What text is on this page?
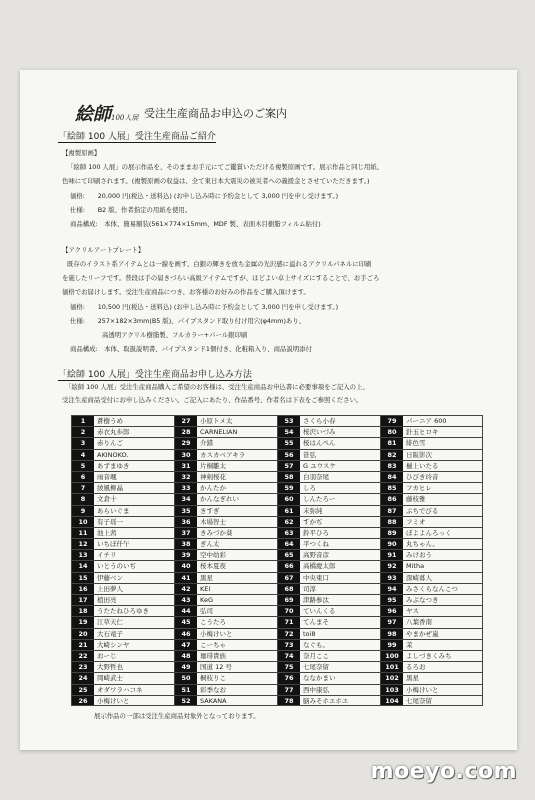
絵師100人展 受注生産商品お申込のご案内
「絵師 100 人展」受注生産商品ご紹介
【複製原画】
「絵師 100 人展」の展示作品を、そのままお手元にてご鑑賞いただける複製原画です。展示作品と同じ用紙、
色味にて印刷されます。(複製原画の収益は、全て東日本大震災の被災者への義援金とさせていただきます。)
価格:　　20,000 円(税込・送料込) (お申し込み時に予約金として 3,000 円を申し受けます。)
仕様:　　B2 版、作者指定の用紙を使用。
商品構成:　本体、簡易額装(561×774×15mm、MDF 製、表面木目樹脂フィルム貼付)
【アクリルアートプレート】
既存のイラスト系アイテムとは一線を画す、白銀の輝きを放ち金属の光沢感に溢れるアクリルパネルに印刷
を施したリーフです。普段は手の届きづらい高級アイテムですが、ほどよい卓上サイズにすることで、お手ごろ
価格でお届けします。受注生産商品につき、お客様のお好みの作品をご購入頂けます。
価格:　　10,500 円(税込・送料込) (お申し込み時に予約金として 3,000 円を申し受けます。)
仕様:　　257×182×3mm(B5 版)、パイプスタンド取り付け用穴(φ4mm)あり、
　　　　　高透明アクリル樹脂製、フルカラー+パール銀印刷
商品構成:　本体、取扱説明書、パイプスタンド1個付き、化粧箱入り、商品説明添付
「絵師 100 人展」受注生産商品お申し込み方法
「絵師 100 人展」受注生産商品購入ご希望のお客様は、受注生産商品お申込書に必要事項をご記入の上、
受注生産商品受付にお申し込みください。ご記入にあたり、作品番号、作者名は下表をご参照ください。
1	蒼樹うめ	27	小原トメ太	53	さくら小春	79	パーニア 600
2	赤衣丸歩郎	28	CARNELIAN	54	桜沢いづみ	80	針玉ヒロキ
3	赤りんご	29	介錯	55	桜はんぺん	81	緋色雪
4	AKINOKO.	30	カスカベアキラ	56	笹弘	82	日阪影次
5	あずまゆき	31	片桐雛太	57	G ユウスケ	83	樋上いたる
6	雨音颯	32	神剣桜花	58	白羽奈尾	84	ひびき玲音
7	綾風柳晶	33	かんたか	59	しろ	85	フカヒレ
8	文倉十	34	かんなぎれい	60	しんたろー	86	藤枝雅
9	あらいぐま	35	きすぎ	61	末弥純	87	ぶちでびる
10	有子瑶一	36	木場智士	62	すかぢ	88	フミオ
11	池上茜	37	きみづか葵	63	鈴平ひろ	89	ぽよよんろっく
12	いちぼ仟午	38	ぎん太	64	平つくね	90	丸ちゃん。
13	イチリ	39	空中幼彩	65	高野音彦	91	みけおう
14	いとうのいぢ	40	桜本夏夜	66	高橋慶太郎	92	Mitha
15	伊藤ベン	41	黒星	67	中央東口	93	深崎暮人
16	上田夢人	42	KEI	68	司淳	94	みさくらなんこつ
17	植田亮	43	KeG	69	津路参汰	95	みぶなつき
18	うたたねひろゆき	44	弘司	70	ていんくる	96	ヤス
19	江草天仁	45	こうたろ	71	てんまそ	97	八葉香南
20	大石竜子	46	小梅けいと	72	toi8	98	やまかぜ嵐
21	大崎シンヤ	47	こーちゃ	73	なぐも。	99	茉
22	おーじ	48	珈琲貴族	74	奈月ここ	100	よしづきくみち
23	大野哲也	49	国道 12 号	75	七尾奈留	101	るろお
24	岡崎武士	50	桐枝りこ	76	ななかまい	102	黒星
25	オダワラハコネ	51	彩季なお	77	西中康弘	103	小梅けいと
26	小梅けいと	52	SAKANA	78	脳みそホエホエ	104	七尾奈留
展示作品の一部は受注生産商品対象外となっております。
moeyo.com
